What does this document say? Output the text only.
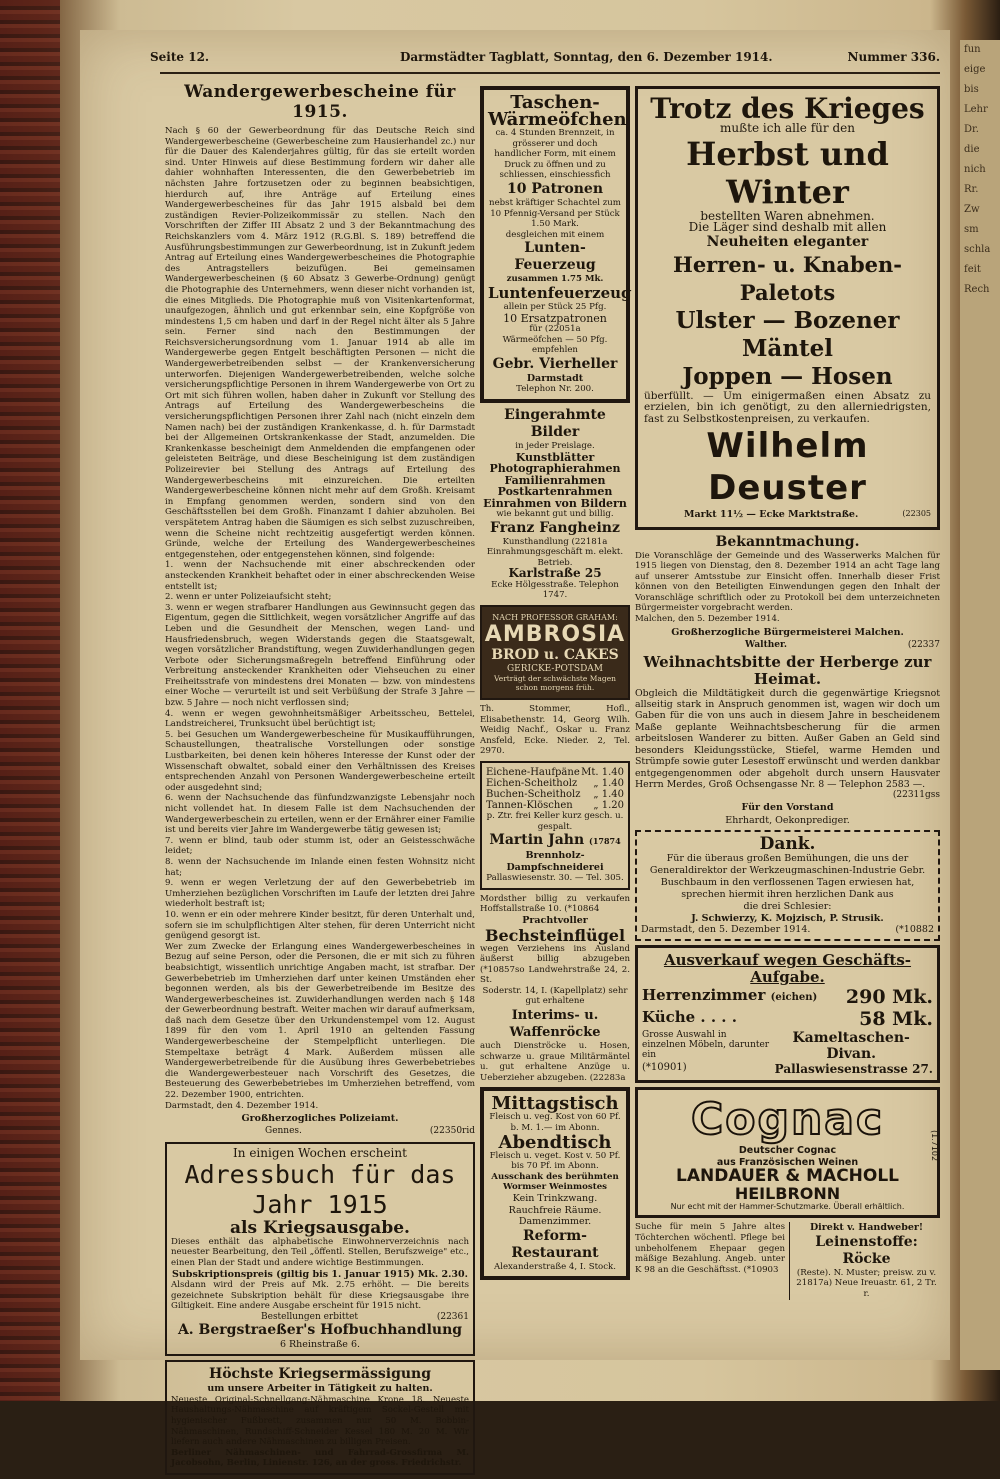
fun
eige
bis
Lehr
Dr.
die
nich
Rr.
Zw
sm
schla
feit
Rech
Seite 12.	Darmstädter Tagblatt, Sonntag, den 6. Dezember 1914.	Nummer 336.
Wandergewerbescheine für 1915.

Nach § 60 der Gewerbeordnung für das Deutsche Reich sind Wandergewerbescheine (Gewerbescheine zum Hausierhandel zc.) nur für die Dauer des Kalenderjahres gültig, für das sie erteilt worden sind. Unter Hinweis auf diese Bestimmung fordern wir daher alle dahier wohnhaften Interessenten, die den Gewerbebetrieb im nächsten Jahre fortzusetzen oder zu beginnen beabsichtigen, hierdurch auf, ihre Anträge auf Erteilung eines Wandergewerbescheines für das Jahr 1915 alsbald bei dem zuständigen Revier-Polizeikommissär zu stellen. Nach den Vorschriften der Ziffer III Absatz 2 und 3 der Bekanntmachung des Reichskanzlers vom 4. März 1912 (R.G.Bl. S. 189) betreffend die Ausführungsbestimmungen zur Gewerbeordnung, ist in Zukunft jedem Antrag auf Erteilung eines Wandergewerbescheines die Photographie des Antragstellers beizufügen. Bei gemeinsamen Wandergewerbescheinen (§ 60 Absatz 3 Gewerbe-Ordnung) genügt die Photographie des Unternehmers, wenn dieser nicht vorhanden ist, die eines Mitglieds. Die Photographie muß von Visitenkartenformat, unaufgezogen, ähnlich und gut erkennbar sein, eine Kopfgröße von mindestens 1,5 cm haben und darf in der Regel nicht älter als 5 Jahre sein. Ferner sind nach den Bestimmungen der Reichsversicherungsordnung vom 1. Januar 1914 ab alle im Wandergewerbe gegen Entgelt beschäftigten Personen — nicht die Wandergewerbetreibenden selbst — der Krankenversicherung unterworfen. Diejenigen Wandergewerbetreibenden, welche solche versicherungspflichtige Personen in ihrem Wandergewerbe von Ort zu Ort mit sich führen wollen, haben daher in Zukunft vor Stellung des Antrags auf Erteilung des Wandergewerbescheins die versicherungspflichtigen Personen ihrer Zahl nach (nicht einzeln dem Namen nach) bei der zuständigen Krankenkasse, d. h. für Darmstadt bei der Allgemeinen Ortskrankenkasse der Stadt, anzumelden. Die Krankenkasse bescheinigt dem Anmeldenden die empfangenen oder geleisteten Beiträge, und diese Bescheinigung ist dem zuständigen Polizeirevier bei Stellung des Antrags auf Erteilung des Wandergewerbescheins mit einzureichen. Die erteilten Wandergewerbescheine können nicht mehr auf dem Großh. Kreisamt in Empfang genommen werden, sondern sind von den Geschäftsstellen bei dem Großh. Finanzamt I dahier abzuholen. Bei verspätetem Antrag haben die Säumigen es sich selbst zuzuschreiben, wenn die Scheine nicht rechtzeitig ausgefertigt werden können. Gründe, welche der Erteilung des Wandergewerbescheines entgegenstehen, oder entgegenstehen können, sind folgende:

1. wenn der Nachsuchende mit einer abschreckenden oder ansteckenden Krankheit behaftet oder in einer abschreckenden Weise entstellt ist;
2. wenn er unter Polizeiaufsicht steht;
3. wenn er wegen strafbarer Handlungen aus Gewinnsucht gegen das Eigentum, gegen die Sittlichkeit, wegen vorsätzlicher Angriffe auf das Leben und die Gesundheit der Menschen, wegen Land- und Hausfriedensbruch, wegen Widerstands gegen die Staatsgewalt, wegen vorsätzlicher Brandstiftung, wegen Zuwiderhandlungen gegen Verbote oder Sicherungsmaßregeln betreffend Einführung oder Verbreitung ansteckender Krankheiten oder Viehseuchen zu einer Freiheitsstrafe von mindestens drei Monaten — bzw. von mindestens einer Woche — verurteilt ist und seit Verbüßung der Strafe 3 Jahre — bzw. 5 Jahre — noch nicht verflossen sind;
4. wenn er wegen gewohnheitsmäßiger Arbeitsscheu, Bettelei, Landstreicherei, Trunksucht übel berüchtigt ist;
5. bei Gesuchen um Wandergewerbescheine für Musikaufführungen, Schaustellungen, theatralische Vorstellungen oder sonstige Lustbarkeiten, bei denen kein höheres Interesse der Kunst oder der Wissenschaft obwaltet, sobald einer den Verhältnissen des Kreises entsprechenden Anzahl von Personen Wandergewerbescheine erteilt oder ausgedehnt sind;
6. wenn der Nachsuchende das fünfundzwanzigste Lebensjahr noch nicht vollendet hat. In diesem Falle ist dem Nachsuchenden der Wandergewerbeschein zu erteilen, wenn er der Ernährer einer Familie ist und bereits vier Jahre im Wandergewerbe tätig gewesen ist;
7. wenn er blind, taub oder stumm ist, oder an Geistesschwäche leidet;
8. wenn der Nachsuchende im Inlande einen festen Wohnsitz nicht hat;
9. wenn er wegen Verletzung der auf den Gewerbebetrieb im Umherziehen bezüglichen Vorschriften im Laufe der letzten drei Jahre wiederholt bestraft ist;
10. wenn er ein oder mehrere Kinder besitzt, für deren Unterhalt und, sofern sie im schulpflichtigen Alter stehen, für deren Unterricht nicht genügend gesorgt ist.

Wer zum Zwecke der Erlangung eines Wandergewerbescheines in Bezug auf seine Person, oder die Personen, die er mit sich zu führen beabsichtigt, wissentlich unrichtige Angaben macht, ist strafbar. Der Gewerbebetrieb im Umherziehen darf unter keinen Umständen eher begonnen werden, als bis der Gewerbetreibende im Besitze des Wandergewerbescheines ist. Zuwiderhandlungen werden nach § 148 der Gewerbeordnung bestraft. Weiter machen wir darauf aufmerksam, daß nach dem Gesetze über den Urkundenstempel vom 12. August 1899 für den vom 1. April 1910 an geltenden Fassung Wandergewerbescheine der Stempelpflicht unterliegen. Die Stempeltaxe beträgt 4 Mark. Außerdem müssen alle Wandergewerbetreibende für die Ausübung ihres Gewerbebetriebes die Wandergewerbesteuer nach Vorschrift des Gesetzes, die Besteuerung des Gewerbebetriebes im Umherziehen betreffend, vom 22. Dezember 1900, entrichten.

Darmstadt, den 4. Dezember 1914.

Großherzogliches Polizeiamt.
Gennes.	(22350rid
In einigen Wochen erscheint
Adressbuch für das Jahr 1915
als Kriegsausgabe.
Dieses enthält das alphabetische Einwohnerverzeichnis nach neuester Bearbeitung, den Teil „öffentl. Stellen, Berufszweige" etc., einen Plan der Stadt und andere wichtige Bestimmungen.
Subskriptionspreis (giltig bis 1. Januar 1915) Mk. 2.30.
Alsdann wird der Preis auf Mk. 2.75 erhöht. — Die bereits gezeichnete Subskription behält für diese Kriegsausgabe ihre Giltigkeit. Eine andere Ausgabe erscheint für 1915 nicht.
Bestellungen erbittet	(22361
A. Bergstraeßer's Hofbuchhandlung
6 Rheinstraße 6.
Höchste Kriegsermässigung
um unsere Arbeiter in Tätigkeit zu halten.
Neueste Original-Schnellgang-Nähmaschine Krone 18. Neueste Haushaltungs-Nähmaschine auf kräftigem Sockel-Gestell mit hygienischer Fußbrett, zusammen nur 50 M. Bobbin-Nähmaschinen, Rundschiff-Schneider Kessel 180 M. 20 M. Wir liefern auch andere Nähmaschinen zu billigen Preisen.
Berliner Nähmaschinen- und Fahrrad-Grossfirma M. Jacobsohn, Berlin, Linienstr. 126, an der gross. Friedrichstr.
Taschen-
Wärmeöfchen
ca. 4 Stunden Brennzeit, in grösserer und doch handlicher Form, mit einem Druck zu öffnen und zu schliessen, einschiessfich
10 Patronen
nebst kräftiger Schachtel zum 10 Pfennig-Versand per Stück 1.50 Mark.
desgleichen mit einem
Lunten-Feuerzeug
zusammen 1.75 Mk.
Luntenfeuerzeug
allein per Stück 25 Pfg.
10 Ersatzpatronen
für (22051a
Wärmeöfchen — 50 Pfg.
empfehlen
Gebr. Vierheller
Darmstadt
Telephon Nr. 200.
Eingerahmte Bilder
in jeder Preislage.
Kunstblätter
Photographierahmen
Familienrahmen
Postkartenrahmen
Einrahmen von Bildern
wie bekannt gut und billig.
Franz Fangheinz
Kunsthandlung (22181a
Einrahmungsgeschäft m. elekt. Betrieb.
Karlstraße 25
Ecke Hölgesstraße. Telephon 1747.
NACH PROFESSOR GRAHAM:
AMBROSIA
BROD u. CAKES
GERICKE-POTSDAM
Verträgt der schwächste Magen schon morgens früh.
Th. Stommer, Hofl., Elisabethenstr. 14, Georg Wilh. Weidig Nachf., Oskar u. Franz Ansfeld, Ecke. Nieder. 2, Tel. 2970.
Eichene-Haufpäne Mt. 1.40
Eichen-Scheitholz „ 1.40
Buchen-Scheitholz „ 1.40
Tannen-Klöschen „ 1.20
p. Ztr. frei Keller kurz gesch. u. gespalt.
Martin Jahn (17874
Brennholz-Dampfschneiderei
Pallaswiesenstr. 30. — Tel. 305.
Mordsther billig zu verkaufen Hoffstallstraße 10. (*10864
Prachtvoller
Bechsteinflügel
wegen Verziehens ins Ausland äußerst billig abzugeben (*10857so Landwehrstraße 24, 2. St.
Soderstr. 14, I. (Kapellplatz) sehr gut erhaltene
Interims- u. Waffenröcke
auch Dienströcke u. Hosen, schwarze u. graue Militärmäntel u. gut erhaltene Anzüge u. Ueberzieher abzugeben. (22283a
Mittagstisch
Fleisch u. veg. Kost von 60 Pf. b. M. 1.— im Abonn.
Abendtisch
Fleisch u. veget. Kost v. 50 Pf. bis 70 Pf. im Abonn.
Ausschank des berühmten Wormser Weinmostes
Kein Trinkzwang.
Rauchfreie Räume.
Damenzimmer.
Reform-Restaurant
Alexanderstraße 4, I. Stock.
Trotz des Krieges
mußte ich alle für den
Herbst und Winter
bestellten Waren abnehmen.
Die Läger sind deshalb mit allen
Neuheiten eleganter
Herren- u. Knaben-Paletots
Ulster — Bozener Mäntel
Joppen — Hosen
überfüllt. — Um einigermaßen einen Absatz zu erzielen, bin ich genötigt, zu den allerniedrigsten, fast zu Selbstkostenpreisen, zu verkaufen.
Wilhelm Deuster
Markt 11½ — Ecke Marktstraße.	(22305
Bekanntmachung.

Die Voranschläge der Gemeinde und des Wasserwerks Malchen für 1915 liegen von Dienstag, den 8. Dezember 1914 an acht Tage lang auf unserer Amtsstube zur Einsicht offen. Innerhalb dieser Frist können von den Beteiligten Einwendungen gegen den Inhalt der Voranschläge schriftlich oder zu Protokoll bei dem unterzeichneten Bürgermeister vorgebracht werden.

Malchen, den 5. Dezember 1914.

Großherzogliche Bürgermeisterei Malchen.
Walther.	(22337
Weihnachtsbitte der Herberge zur Heimat.

Obgleich die Mildtätigkeit durch die gegenwärtige Kriegsnot allseitig stark in Anspruch genommen ist, wagen wir doch um Gaben für die von uns auch in diesem Jahre in bescheidenem Maße geplante Weihnachtsbescherung für die armen arbeitslosen Wanderer zu bitten. Außer Gaben an Geld sind besonders Kleidungsstücke, Stiefel, warme Hemden und Strümpfe sowie guter Lesestoff erwünscht und werden dankbar entgegengenommen oder abgeholt durch unsern Hausvater Herrn Merdes, Groß Ochsengasse Nr. 8 — Telephon 2583 —.

(22311gss
Für den Vorstand
Ehrhardt, Oekonprediger.
Dank.
Für die überaus großen Bemühungen, die uns der Generaldirektor der Werkzeugmaschinen-Industrie Gebr. Buschbaum in den verflossenen Tagen erwiesen hat, sprechen hiermit ihren herzlichen Dank aus
die drei Schlesier:
J. Schwierzy, K. Mojzisch, P. Strusik.
Darmstadt, den 5. Dezember 1914.	(*10882
Ausverkauf wegen Geschäfts-Aufgabe.
Herrenzimmer (eichen) 290 Mk.
Küche . . . .	58 Mk.
Grosse Auswahl in einzelnen Möbeln, darunter ein
Kameltaschen-Divan.
(*10901)	Pallaswiesenstrasse 27.
Cognac
Deutscher Cognac
aus Französischen Weinen
LANDAUER & MACHOLL
HEILBRONN
Nur echt mit der Hammer-Schutzmarke. Überall erhältlich.
(1.7102
Suche für mein 5 Jahre altes Töchterchen wöchentl. Pflege bei unbeholfenem Ehepaar gegen mäßige Bezahlung. Angeb. unter K 98 an die Geschäftsst. (*10903
Direkt v. Handweber!
Leinenstoffe: Röcke
(Reste). N. Muster; preisw. zu v. 21817a) Neue Ireuastr. 61, 2 Tr. r.
